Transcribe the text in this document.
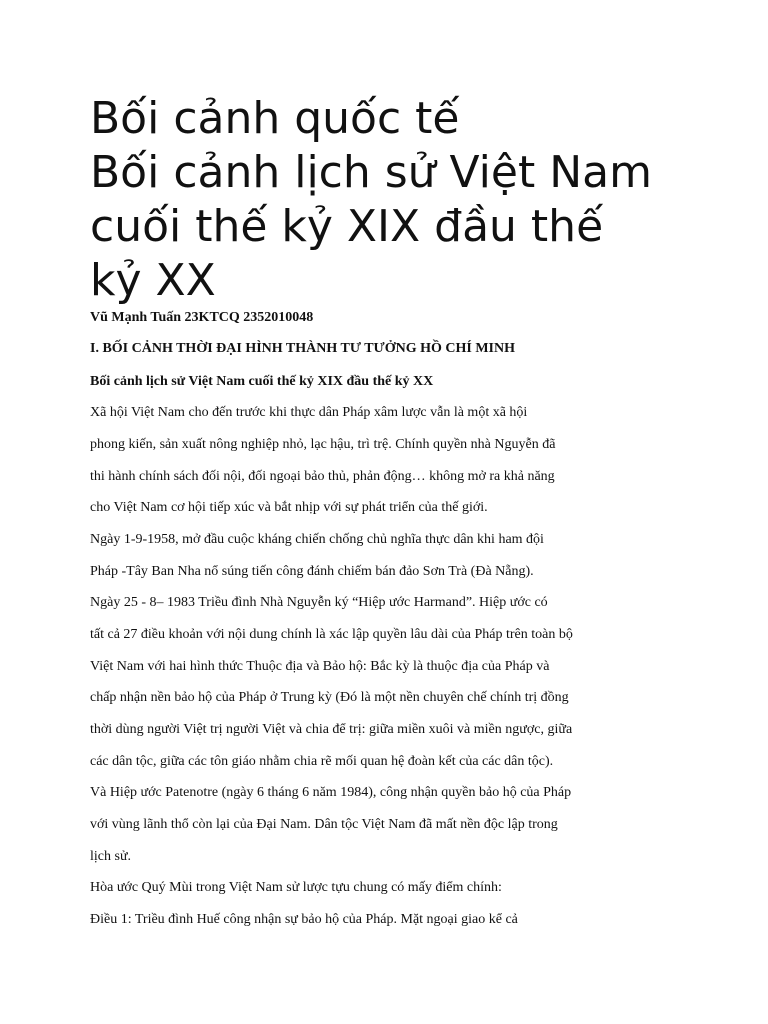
Bối cảnh quốc tế
Bối cảnh lịch sử Việt Nam
cuối thế kỷ XIX đầu thế
kỷ XX

Vũ Mạnh Tuấn 23KTCQ 2352010048

I. BỐI CẢNH THỜI ĐẠI HÌNH THÀNH TƯ TƯỞNG HỒ CHÍ MINH

Bối cảnh lịch sử Việt Nam cuối thế kỷ XIX đầu thế kỷ XX

Xã hội Việt Nam cho đến trước khi thực dân Pháp xâm lược vẫn là một xã hội

phong kiến, sản xuất nông nghiệp nhỏ, lạc hậu, trì trệ. Chính quyền nhà Nguyễn đã

thi hành chính sách đối nội, đối ngoại bảo thủ, phản động… không mở ra khả năng

cho Việt Nam cơ hội tiếp xúc và bắt nhịp với sự phát triển của thế giới.

Ngày 1-9-1958, mở đầu cuộc kháng chiến chống chủ nghĩa thực dân khi ham đội

Pháp -Tây Ban Nha nổ súng tiến công đánh chiếm bán đảo Sơn Trà (Đà Nẵng).

Ngày 25 - 8– 1983 Triều đình Nhà Nguyễn ký “Hiệp ước Harmand”. Hiệp ước có

tất cả 27 điều khoản với nội dung chính là xác lập quyền lâu dài của Pháp trên toàn bộ

Việt Nam với hai hình thức Thuộc địa và Bảo hộ: Bắc kỳ là thuộc địa của Pháp và

chấp nhận nền bảo hộ của Pháp ở Trung kỳ (Đó là một nền chuyên chế chính trị đồng

thời dùng người Việt trị người Việt và chia để trị: giữa miền xuôi và miền ngược, giữa

các dân tộc, giữa các tôn giáo nhằm chia rẽ mối quan hệ đoàn kết của các dân tộc).

Và Hiệp ước Patenotre (ngày 6 tháng 6 năm 1984), công nhận quyền bảo hộ của Pháp

với vùng lãnh thổ còn lại của Đại Nam. Dân tộc Việt Nam đã mất nền độc lập trong

lịch sử.

Hòa ước Quý Mùi trong Việt Nam sử lược tựu chung có mấy điểm chính:

Điều 1: Triều đình Huế công nhận sự bảo hộ của Pháp. Mặt ngoại giao kể cả
